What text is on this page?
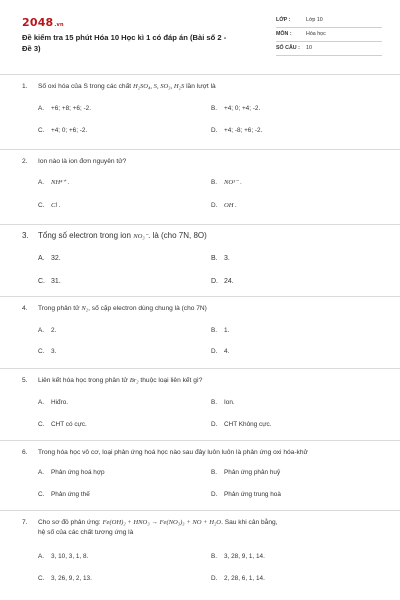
2048.vn
Đề kiểm tra 15 phút Hóa 10 Học kì 1 có đáp án (Bài số 2 - Đề 3)
LỚP :	Lớp 10
MÔN :	Hóa học
SỐ CÂU : 10
1. Số oxi hóa của S trong các chất H₂SO₄, S, SO₃, H₂S lần lượt là
A. +6; +8; +6; -2.	B. +4; 0; +4; -2.
C. +4; 0; +6; -2.	D. +4; -8; +6; -2.
2. Ion nào là ion đơn nguyên tử?
A. NH⁴⁺ .	B. NO³⁻ .
C. Cl .	D. OH .
3. Tổng số electron trong ion NO₃⁻. là (cho 7N, 8O)
A. 32.	B. 3.
C. 31.	D. 24.
4. Trong phân tử N₂, số cặp electron dùng chung là (cho 7N)
A. 2.	B. 1.
C. 3.	D. 4.
5. Liên kết hóa học trong phân tử Br₂ thuộc loại liên kết gì?
A. Hiđro.	B. Ion.
C. CHT có cực.	D. CHT Không cực.
6. Trong hóa học vô cơ, loại phản ứng hoá học nào sau đây luôn luôn là phản ứng oxi hóa-khử
A. Phản ứng hoá hợp	B. Phản ứng phân huỷ
C. Phản ứng thế	D. Phản ứng trung hoà
7. Cho sơ đồ phản ứng: Fe(OH)₂ + HNO₃ → Fe(NO₃)₃ + NO + H₂O. Sau khi cân bằng,
hệ số của các chất tương ứng là
A. 3, 10, 3, 1, 8.	B. 3, 28, 9, 1, 14.
C. 3, 26, 9, 2, 13.	D. 2, 28, 6, 1, 14.
